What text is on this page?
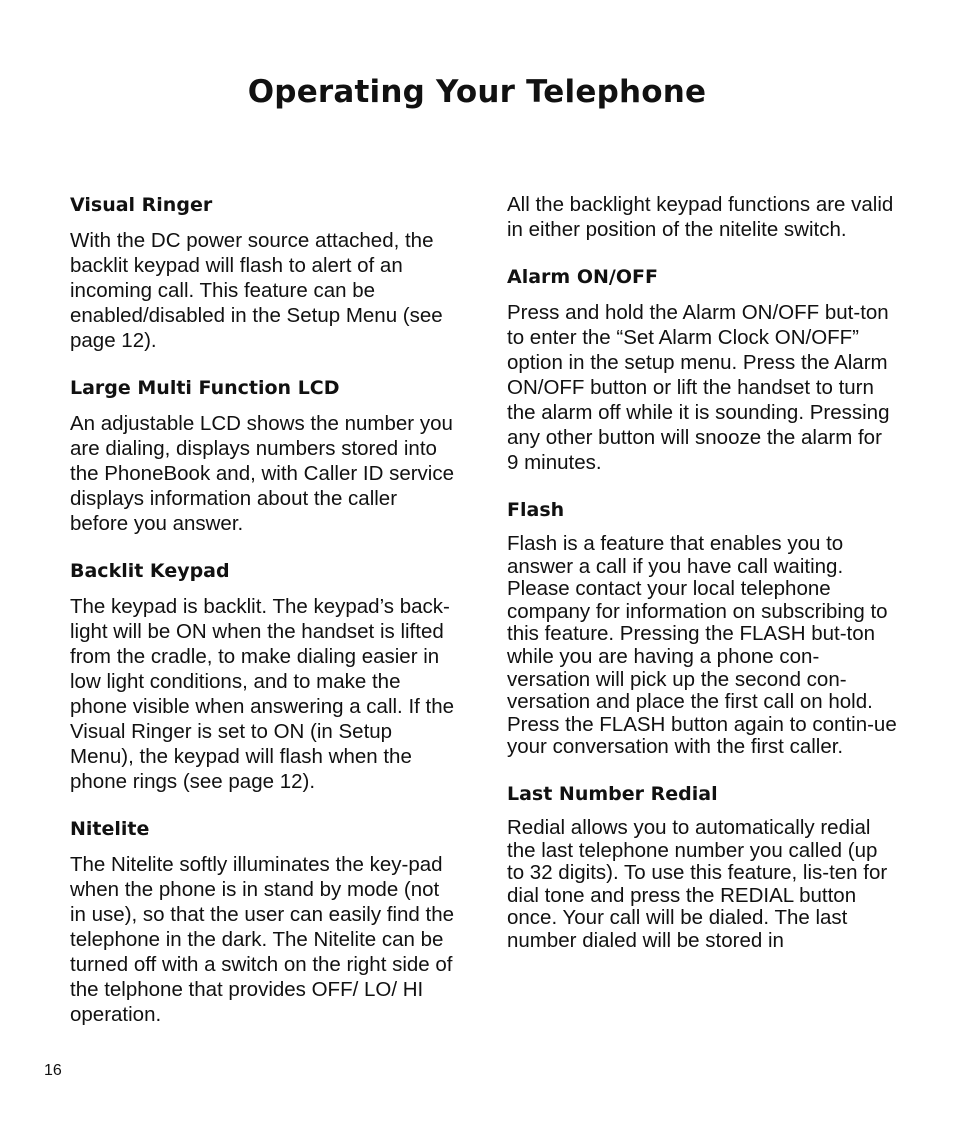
Operating Your Telephone
Visual Ringer

With the DC power source attached, the backlit keypad will flash to alert of an incoming call. This feature can be enabled/disabled in the Setup Menu (see page 12).

Large Multi Function LCD

An adjustable LCD shows the number you are dialing, displays numbers stored into the PhoneBook and, with Caller ID service displays information about the caller before you answer.

Backlit Keypad

The keypad is backlit. The keypad’s back-light will be ON when the handset is lifted from the cradle, to make dialing easier in low light conditions, and to make the phone visible when answering a call. If the Visual Ringer is set to ON (in Setup Menu), the keypad will flash when the phone rings (see page 12).

Nitelite

The Nitelite softly illuminates the key-pad when the phone is in stand by mode (not in use), so that the user can easily find the telephone in the dark. The Nitelite can be turned off with a switch on the right side of the telphone that provides OFF/ LO/ HI operation.

All the backlight keypad functions are valid in either position of the nitelite switch.

Alarm ON/OFF

Press and hold the Alarm ON/OFF but-ton to enter the “Set Alarm Clock ON/OFF” option in the setup menu. Press the Alarm ON/OFF button or lift the handset to turn the alarm off while it is sounding. Pressing any other button will snooze the alarm for 9 minutes.

Flash

Flash is a feature that enables you to answer a call if you have call waiting. Please contact your local telephone company for information on subscribing to this feature. Pressing the FLASH but-ton while you are having a phone con-versation will pick up the second con-versation and place the first call on hold. Press the FLASH button again to contin-ue your conversation with the first caller.

Last Number Redial

Redial allows you to automatically redial the last telephone number you called (up to 32 digits). To use this feature, lis-ten for dial tone and press the REDIAL button once. Your call will be dialed. The last number dialed will be stored in

16
